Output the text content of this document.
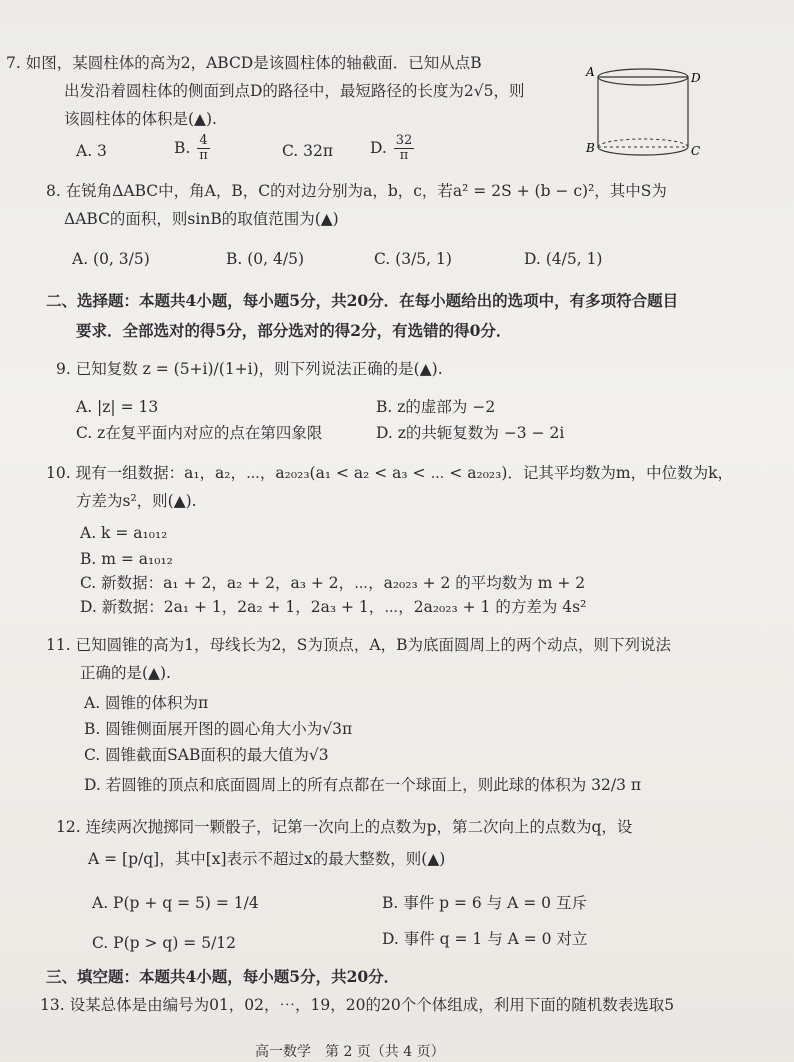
7. 如图，某圆柱体的高为2，ABCD是该圆柱体的轴截面．已知从点B
出发沿着圆柱体的侧面到点D的路径中，最短路径的长度为2√5，则
该圆柱体的体积是(▲).
A. 3	B. $\frac{4}{\pi}$	C. 32π D. $\frac{32}{\pi}$
A	D
B	C
8. 在锐角ΔABC中，角A，B，C的对边分别为a，b，c，若a² = 2S + (b − c)²，其中S为
ΔABC的面积，则sinB的取值范围为(▲)
A. (0, 3/5)	B. (0, 4/5)	C. (3/5, 1)	D. (4/5, 1)
二、选择题：本题共4小题，每小题5分，共20分．在每小题给出的选项中，有多项符合题目
要求．全部选对的得5分，部分选对的得2分，有选错的得0分．
9. 已知复数 z = (5+i)/(1+i)，则下列说法正确的是(▲).
A. |z| = 13	B. z的虚部为 −2
C. z在复平面内对应的点在第四象限	D. z的共轭复数为 −3 − 2i
10. 现有一组数据：a₁，a₂，⋯，a₂₀₂₃(a₁ < a₂ < a₃ < ⋯ < a₂₀₂₃)．记其平均数为m，中位数为k，
方差为s²，则(▲).
A. k = a₁₀₁₂
B. m = a₁₀₁₂
C. 新数据：a₁ + 2，a₂ + 2，a₃ + 2，⋯，a₂₀₂₃ + 2 的平均数为 m + 2
D. 新数据：2a₁ + 1，2a₂ + 1，2a₃ + 1，⋯，2a₂₀₂₃ + 1 的方差为 4s²
11. 已知圆锥的高为1，母线长为2，S为顶点，A，B为底面圆周上的两个动点，则下列说法
正确的是(▲).
A. 圆锥的体积为π
B. 圆锥侧面展开图的圆心角大小为√3π
C. 圆锥截面SAB面积的最大值为√3
D. 若圆锥的顶点和底面圆周上的所有点都在一个球面上，则此球的体积为 32/3 π
12. 连续两次抛掷同一颗骰子，记第一次向上的点数为p，第二次向上的点数为q，设
A = [p/q]，其中[x]表示不超过x的最大整数，则(▲)
A. P(p + q = 5) = 1/4	B. 事件 p = 6 与 A = 0 互斥
C. P(p > q) = 5/12	D. 事件 q = 1 与 A = 0 对立
三、填空题：本题共4小题，每小题5分，共20分．
13. 设某总体是由编号为01，02，⋯，19，20的20个个体组成，利用下面的随机数表选取5
高一数学　第 2 页（共 4 页）
